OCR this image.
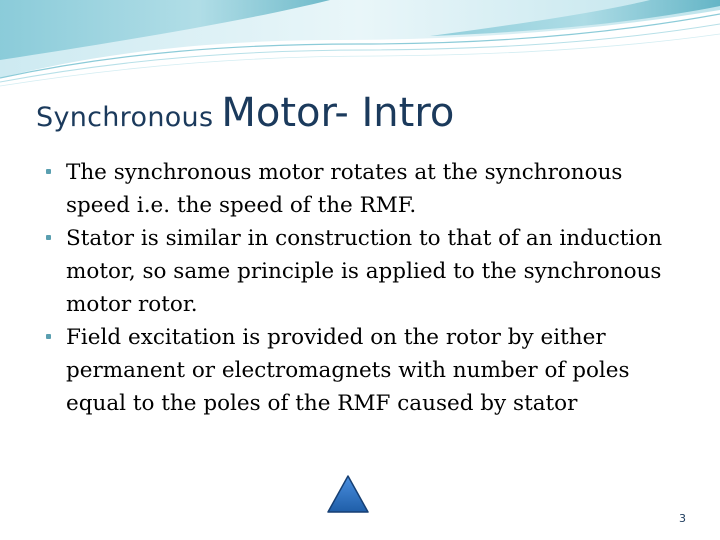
Synchronous Motor- Intro
The synchronous motor rotates at the synchronous speed i.e. the speed of the RMF.
Stator is similar in construction to that of an induction motor, so same principle is applied to the synchronous motor rotor.
Field excitation is provided on the rotor by either permanent or electromagnets with number of poles equal to the poles of the RMF caused by stator
3
